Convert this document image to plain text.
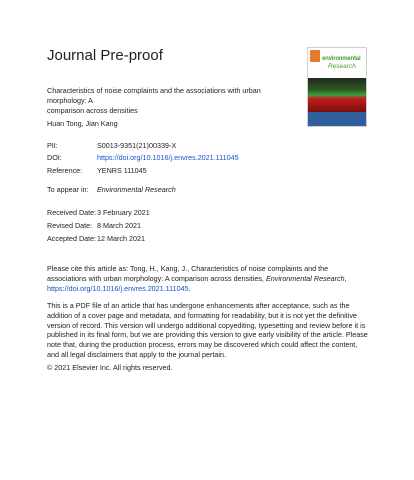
Journal Pre-proof	environmental
Research
Characteristics of noise complaints and the associations with urban morphology: A
comparison across densities
Huan Tong, Jian Kang
PII:	S0013-9351(21)00339-X
DOI:	https://doi.org/10.1016/j.envres.2021.111045
Reference: YENRS 111045
To appear in: Environmental Research
Received Date: 3 February 2021
Revised Date: 8 March 2021
Accepted Date: 12 March 2021
Please cite this article as: Tong, H., Kang, J., Characteristics of noise complaints and the associations with urban morphology: A comparison across densities, Environmental Research, https://doi.org/10.1016/j.envres.2021.111045.
This is a PDF file of an article that has undergone enhancements after acceptance, such as the addition of a cover page and metadata, and formatting for readability, but it is not yet the definitive version of record. This version will undergo additional copyediting, typesetting and review before it is published in its final form, but we are providing this version to give early visibility of the article. Please note that, during the production process, errors may be discovered which could affect the content, and all legal disclaimers that apply to the journal pertain.
© 2021 Elsevier Inc. All rights reserved.
